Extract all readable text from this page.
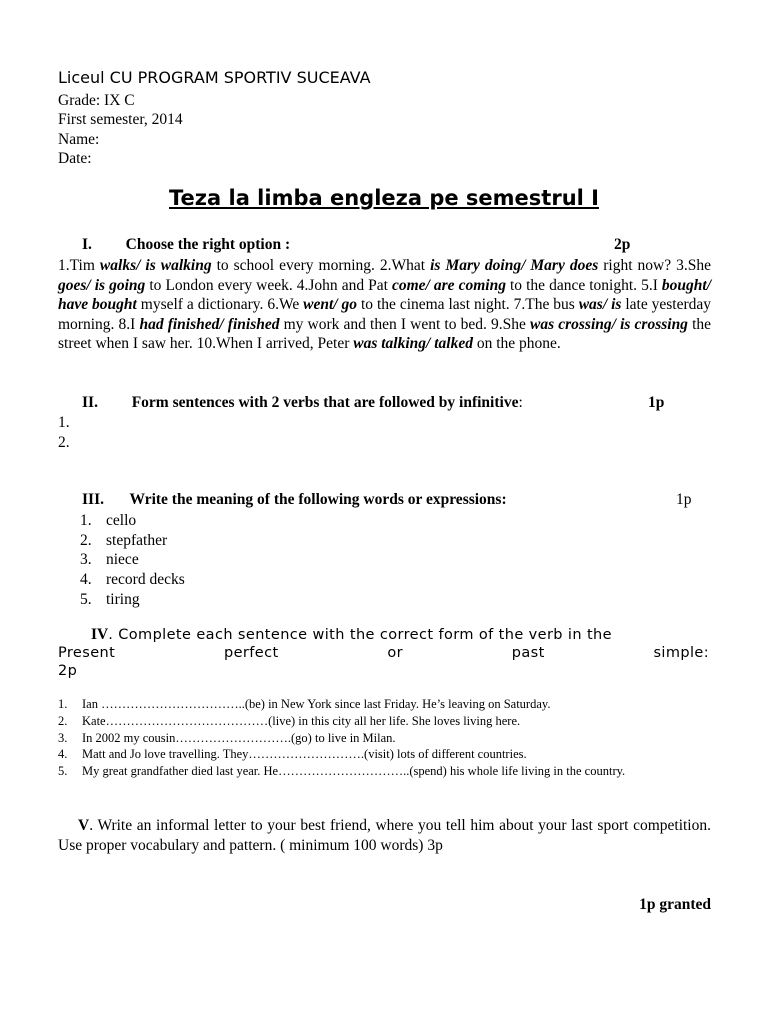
Liceul CU PROGRAM SPORTIV SUCEAVA
Grade: IX C
First semester, 2014
Name:
Date:
Teza la limba engleza pe semestrul I
I. Choose the right option :	2p
1.Tim walks/ is walking to school every morning. 2.What is Mary doing/ Mary does right now? 3.She goes/ is going to London every week. 4.John and Pat come/ are coming to the dance tonight. 5.I bought/ have bought myself a dictionary. 6.We went/ go to the cinema last night. 7.The bus was/ is late yesterday morning. 8.I had finished/ finished my work and then I went to bed. 9.She was crossing/ is crossing the street when I saw her. 10.When I arrived, Peter was talking/ talked on the phone.
II. Form sentences with 2 verbs that are followed by infinitive:	1p
1.
2.
III. Write the meaning of the following words or expressions:	1p
1. cello
2. stepfather
3. niece
4. record decks
5. tiring
IV. Complete each sentence with the correct form of the verb in the
Present	perfect	or	past	simple:
2p
1. Ian ……………………………..(be) in New York since last Friday. He’s leaving on Saturday.
2. Kate…………………………………(live) in this city all her life. She loves living here.
3. In 2002 my cousin……………………….(go) to live in Milan.
4. Matt and Jo love travelling. They……………………….(visit) lots of different countries.
5. My great grandfather died last year. He…………………………..(spend) his whole life living in the country.
V. Write an informal letter to your best friend, where you tell him about your last sport competition. Use proper vocabulary and pattern. ( minimum 100 words) 3p
1p granted
